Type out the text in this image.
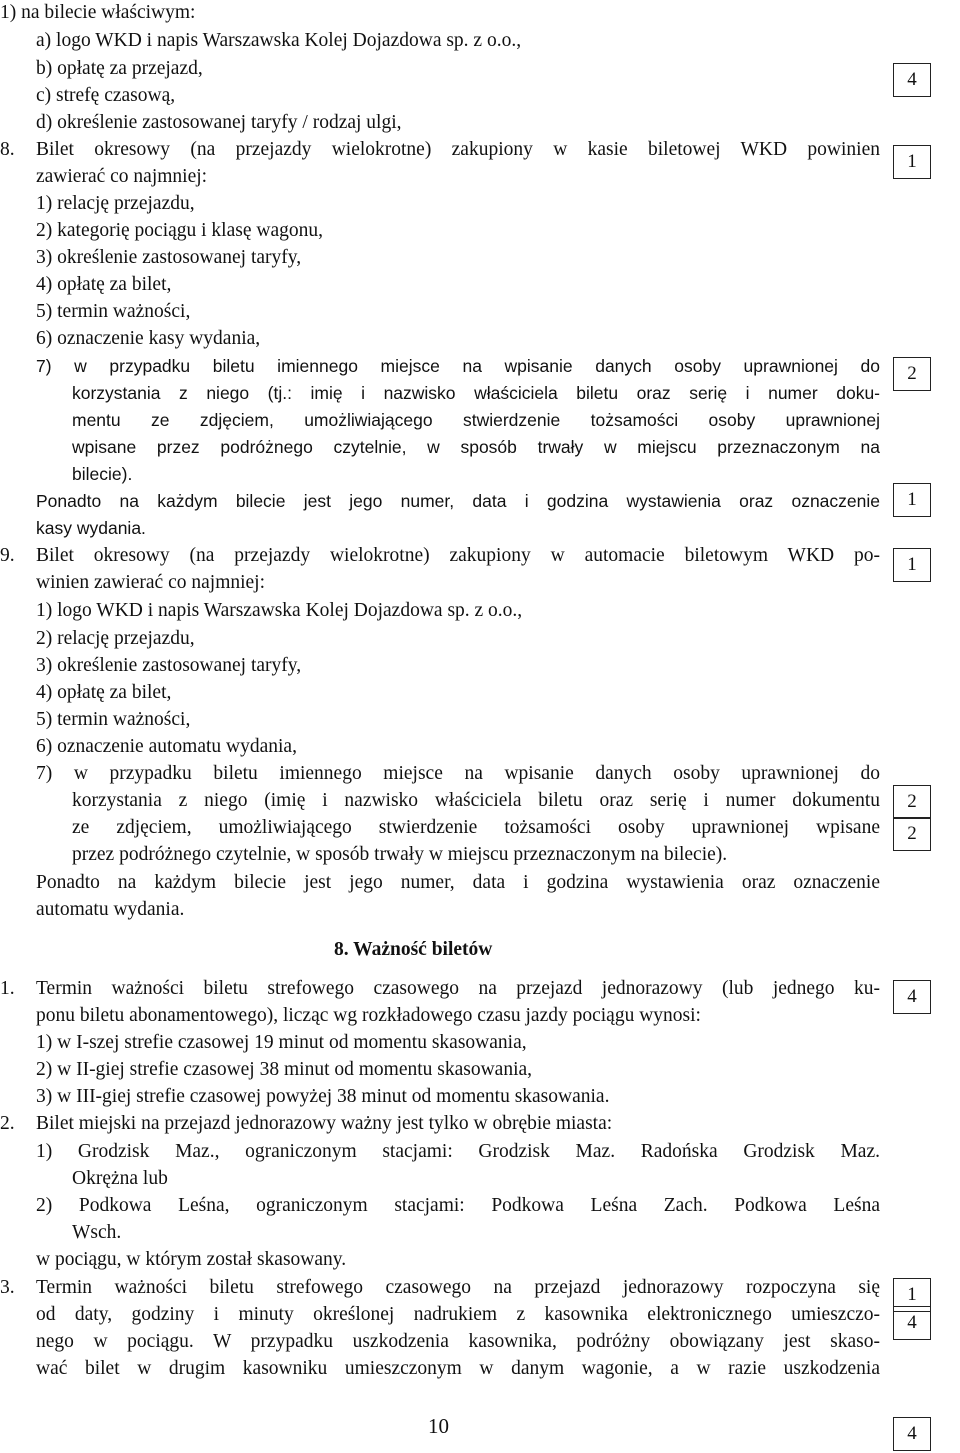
1) na bilecie właściwym:
a) logo WKD i napis Warszawska Kolej Dojazdowa sp. z o.o.,
b) opłatę za przejazd,
c) strefę czasową,
d) określenie zastosowanej taryfy / rodzaj ulgi,
8. Bilet okresowy (na przejazdy wielokrotne) zakupiony w kasie biletowej WKD powinien
zawierać co najmniej:
1) relację przejazdu,
2) kategorię pociągu i klasę wagonu,
3) określenie zastosowanej taryfy,
4) opłatę za bilet,
5) termin ważności,
6) oznaczenie kasy wydania,
7) w przypadku biletu imiennego miejsce na wpisanie danych osoby uprawnionej do
korzystania z niego (tj.: imię i nazwisko właściciela biletu oraz serię i numer doku-
mentu ze zdjęciem, umożliwiającego stwierdzenie tożsamości osoby uprawnionej
wpisane przez podróżnego czytelnie, w sposób trwały w miejscu przeznaczonym na
bilecie).
Ponadto na każdym bilecie jest jego numer, data i godzina wystawienia oraz oznaczenie
kasy wydania.
9. Bilet okresowy (na przejazdy wielokrotne) zakupiony w automacie biletowym WKD po-
winien zawierać co najmniej:
1) logo WKD i napis Warszawska Kolej Dojazdowa sp. z o.o.,
2) relację przejazdu,
3) określenie zastosowanej taryfy,
4) opłatę za bilet,
5) termin ważności,
6) oznaczenie automatu wydania,
7) w przypadku biletu imiennego miejsce na wpisanie danych osoby uprawnionej do
korzystania z niego (imię i nazwisko właściciela biletu oraz serię i numer dokumentu
ze zdjęciem, umożliwiającego stwierdzenie tożsamości osoby uprawnionej wpisane
przez podróżnego czytelnie, w sposób trwały w miejscu przeznaczonym na bilecie).
Ponadto na każdym bilecie jest jego numer, data i godzina wystawienia oraz oznaczenie
automatu wydania.
8. Ważność biletów
1. Termin ważności biletu strefowego czasowego na przejazd jednorazowy (lub jednego ku-
ponu biletu abonamentowego), licząc wg rozkładowego czasu jazdy pociągu wynosi:
1) w I-szej strefie czasowej 19 minut od momentu skasowania,
2) w II-giej strefie czasowej 38 minut od momentu skasowania,
3) w III-giej strefie czasowej powyżej 38 minut od momentu skasowania.
2. Bilet miejski na przejazd jednorazowy ważny jest tylko w obrębie miasta:
1) Grodzisk Maz., ograniczonym stacjami: Grodzisk Maz. Radońska Grodzisk Maz.
Okrężna lub
2) Podkowa Leśna, ograniczonym stacjami: Podkowa Leśna Zach. Podkowa Leśna
Wsch.
w pociągu, w którym został skasowany.
3. Termin ważności biletu strefowego czasowego na przejazd jednorazowy rozpoczyna się
od daty, godziny i minuty określonej nadrukiem z kasownika elektronicznego umieszczo-
nego w pociągu. W przypadku uszkodzenia kasownika, podróżny obowiązany jest skaso-
wać bilet w drugim kasowniku umieszczonym w danym wagonie, a w razie uszkodzenia
10
4
1
2
1
1
2
2
4
1
4
4
